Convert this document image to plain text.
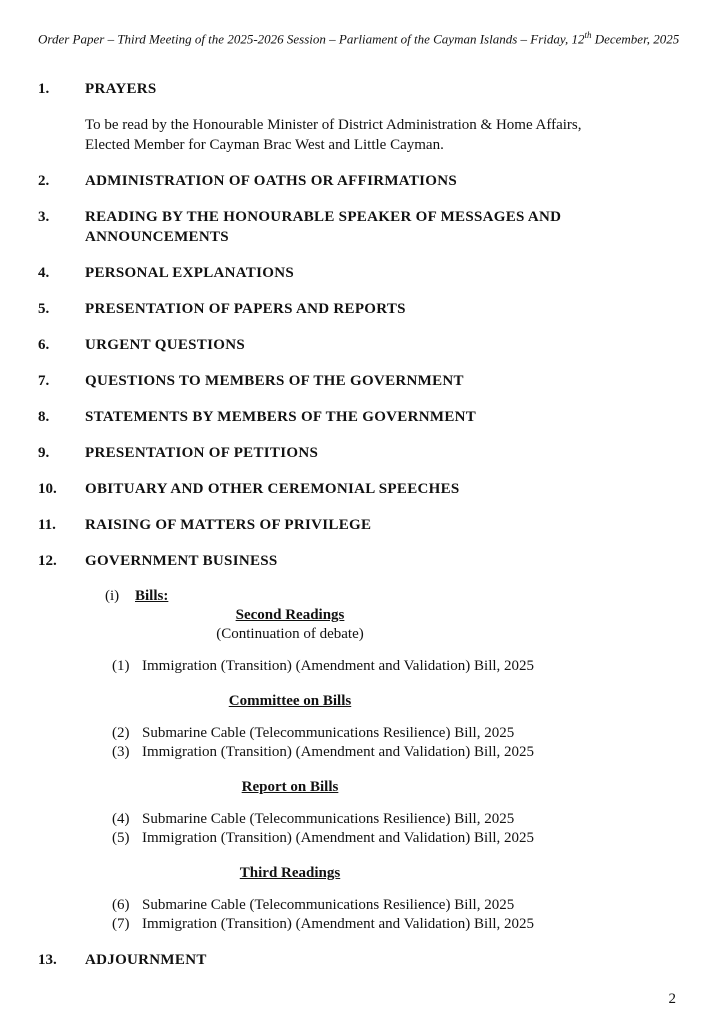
Order Paper – Third Meeting of the 2025-2026 Session – Parliament of the Cayman Islands – Friday, 12th December, 2025
1.	PRAYERS
To be read by the Honourable Minister of District Administration & Home Affairs, Elected Member for Cayman Brac West and Little Cayman.
2.	ADMINISTRATION OF OATHS OR AFFIRMATIONS
3.	READING BY THE HONOURABLE SPEAKER OF MESSAGES AND ANNOUNCEMENTS
4.	PERSONAL EXPLANATIONS
5.	PRESENTATION OF PAPERS AND REPORTS
6.	URGENT QUESTIONS
7.	QUESTIONS TO MEMBERS OF THE GOVERNMENT
8.	STATEMENTS BY MEMBERS OF THE GOVERNMENT
9.	PRESENTATION OF PETITIONS
10.	OBITUARY AND OTHER CEREMONIAL SPEECHES
11.	RAISING OF MATTERS OF PRIVILEGE
12.	GOVERNMENT BUSINESS
(i)	Bills:
Second Readings
(Continuation of debate)
(1) Immigration (Transition) (Amendment and Validation) Bill, 2025
Committee on Bills
(2) Submarine Cable (Telecommunications Resilience) Bill, 2025
(3) Immigration (Transition) (Amendment and Validation) Bill, 2025
Report on Bills
(4) Submarine Cable (Telecommunications Resilience) Bill, 2025
(5) Immigration (Transition) (Amendment and Validation) Bill, 2025
Third Readings
(6) Submarine Cable (Telecommunications Resilience) Bill, 2025
(7) Immigration (Transition) (Amendment and Validation) Bill, 2025
13.	ADJOURNMENT
2
